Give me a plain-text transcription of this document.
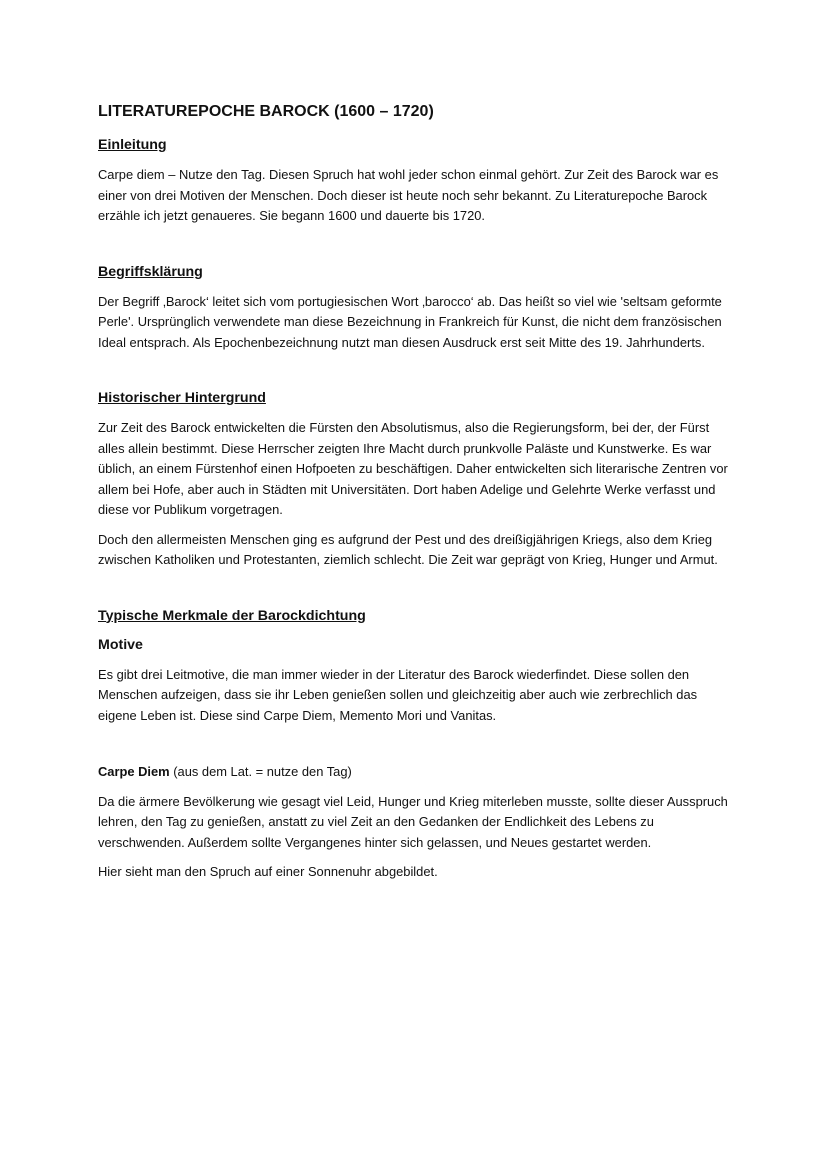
LITERATUREPOCHE BAROCK (1600 – 1720)
Einleitung

Carpe diem – Nutze den Tag. Diesen Spruch hat wohl jeder schon einmal gehört. Zur Zeit des Barock war es einer von drei Motiven der Menschen. Doch dieser ist heute noch sehr bekannt. Zu Literaturepoche Barock erzähle ich jetzt genaueres. Sie begann 1600 und dauerte bis 1720.

Begriffsklärung

Der Begriff ‚Barock‘ leitet sich vom portugiesischen Wort ‚barocco‘ ab. Das heißt so viel wie 'seltsam geformte Perle'. Ursprünglich verwendete man diese Bezeichnung in Frankreich für Kunst, die nicht dem französischen Ideal entsprach. Als Epochenbezeichnung nutzt man diesen Ausdruck erst seit Mitte des 19. Jahrhunderts.

Historischer Hintergrund

Zur Zeit des Barock entwickelten die Fürsten den Absolutismus, also die Regierungsform, bei der, der Fürst alles allein bestimmt. Diese Herrscher zeigten Ihre Macht durch prunkvolle Paläste und Kunstwerke. Es war üblich, an einem Fürstenhof einen Hofpoeten zu beschäftigen. Daher entwickelten sich literarische Zentren vor allem bei Hofe, aber auch in Städten mit Universitäten. Dort haben Adelige und Gelehrte Werke verfasst und diese vor Publikum vorgetragen.

Doch den allermeisten Menschen ging es aufgrund der Pest und des dreißigjährigen Kriegs, also dem Krieg zwischen Katholiken und Protestanten, ziemlich schlecht. Die Zeit war geprägt von Krieg, Hunger und Armut.

Typische Merkmale der Barockdichtung
Motive

Es gibt drei Leitmotive, die man immer wieder in der Literatur des Barock wiederfindet. Diese sollen den Menschen aufzeigen, dass sie ihr Leben genießen sollen und gleichzeitig aber auch wie zerbrechlich das eigene Leben ist. Diese sind Carpe Diem, Memento Mori und Vanitas.

Carpe Diem (aus dem Lat. = nutze den Tag)

Da die ärmere Bevölkerung wie gesagt viel Leid, Hunger und Krieg miterleben musste, sollte dieser Ausspruch lehren, den Tag zu genießen, anstatt zu viel Zeit an den Gedanken der Endlichkeit des Lebens zu verschwenden. Außerdem sollte Vergangenes hinter sich gelassen, und Neues gestartet werden.

Hier sieht man den Spruch auf einer Sonnenuhr abgebildet.
